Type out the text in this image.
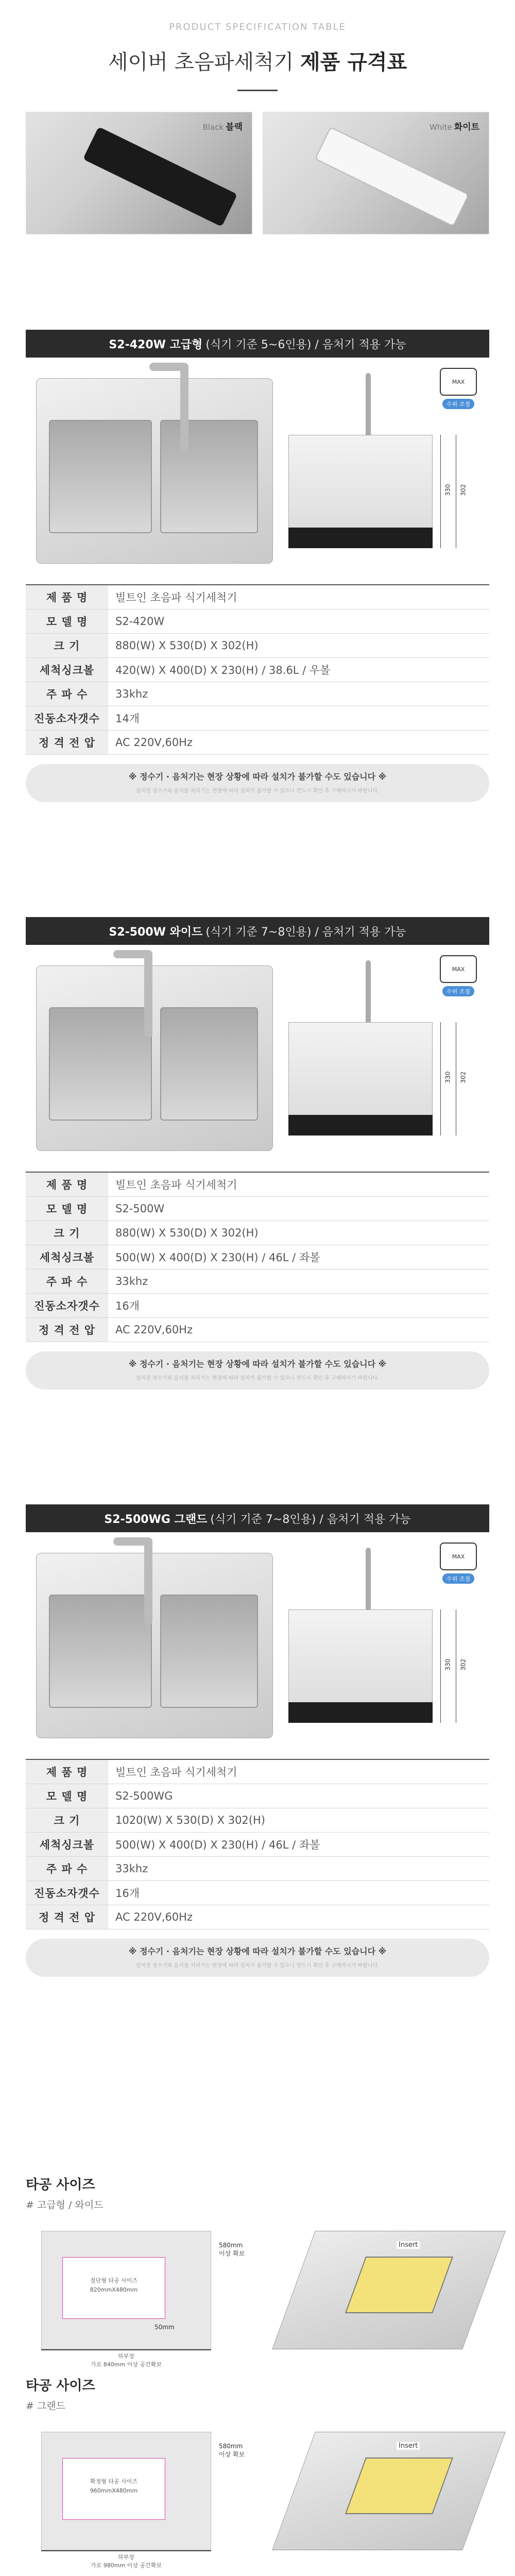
PRODUCT SPECIFICATION TABLE
세이버 초음파세척기 제품 규격표
Black 블랙	White 화이트
S2-420W 고급형 (식기 기준 5~6인용) / 음처기 적용 가능
330 302
MAX
수위 조절
제 품 명	빌트인 초음파 식기세척기
모 델 명	S2-420W
크 기	880(W) X 530(D) X 302(H)
세척싱크볼	420(W) X 400(D) X 230(H) / 38.6L / 우볼
주 파 수	33khz
진동소자갯수	14개
정 격 전 압	AC 220V,60Hz
※ 정수기 · 음처기는 현장 상황에 따라 설치가 불가할 수도 있습니다 ※
설치전 정수기와 음식물 처리기는 현장에 따라 설치가 불가할 수 있으니 반드시 확인 후 구매하시기 바랍니다.
S2-500W 와이드 (식기 기준 7~8인용) / 음처기 적용 가능
330 302
MAX
수위 조절
제 품 명	빌트인 초음파 식기세척기
모 델 명	S2-500W
크 기	880(W) X 530(D) X 302(H)
세척싱크볼	500(W) X 400(D) X 230(H) / 46L / 좌볼
주 파 수	33khz
진동소자갯수	16개
정 격 전 압	AC 220V,60Hz
※ 정수기 · 음처기는 현장 상황에 따라 설치가 불가할 수도 있습니다 ※
설치전 정수기와 음식물 처리기는 현장에 따라 설치가 불가할 수 있으니 반드시 확인 후 구매하시기 바랍니다.
S2-500WG 그랜드 (식기 기준 7~8인용) / 음처기 적용 가능
330 302
MAX
수위 조절
제 품 명	빌트인 초음파 식기세척기
모 델 명	S2-500WG
크 기	1020(W) X 530(D) X 302(H)
세척싱크볼	500(W) X 400(D) X 230(H) / 46L / 좌볼
주 파 수	33khz
진동소자갯수	16개
정 격 전 압	AC 220V,60Hz
※ 정수기 · 음처기는 현장 상황에 따라 설치가 불가할 수도 있습니다 ※
설치전 정수기와 음식물 처리기는 현장에 따라 설치가 불가할 수 있으니 반드시 확인 후 구매하시기 바랍니다.
타공 사이즈
# 고급형 / 와이드
절단형 타공 사이즈
820mmX480mm
580mm
이상 확보
50mm
하부장
가로 840mm 이상 공간확보
Insert
타공 사이즈
# 그랜드
확정형 타공 사이즈
960mmX480mm
580mm
이상 확보
하부장
가로 980mm 이상 공간확보
Insert
